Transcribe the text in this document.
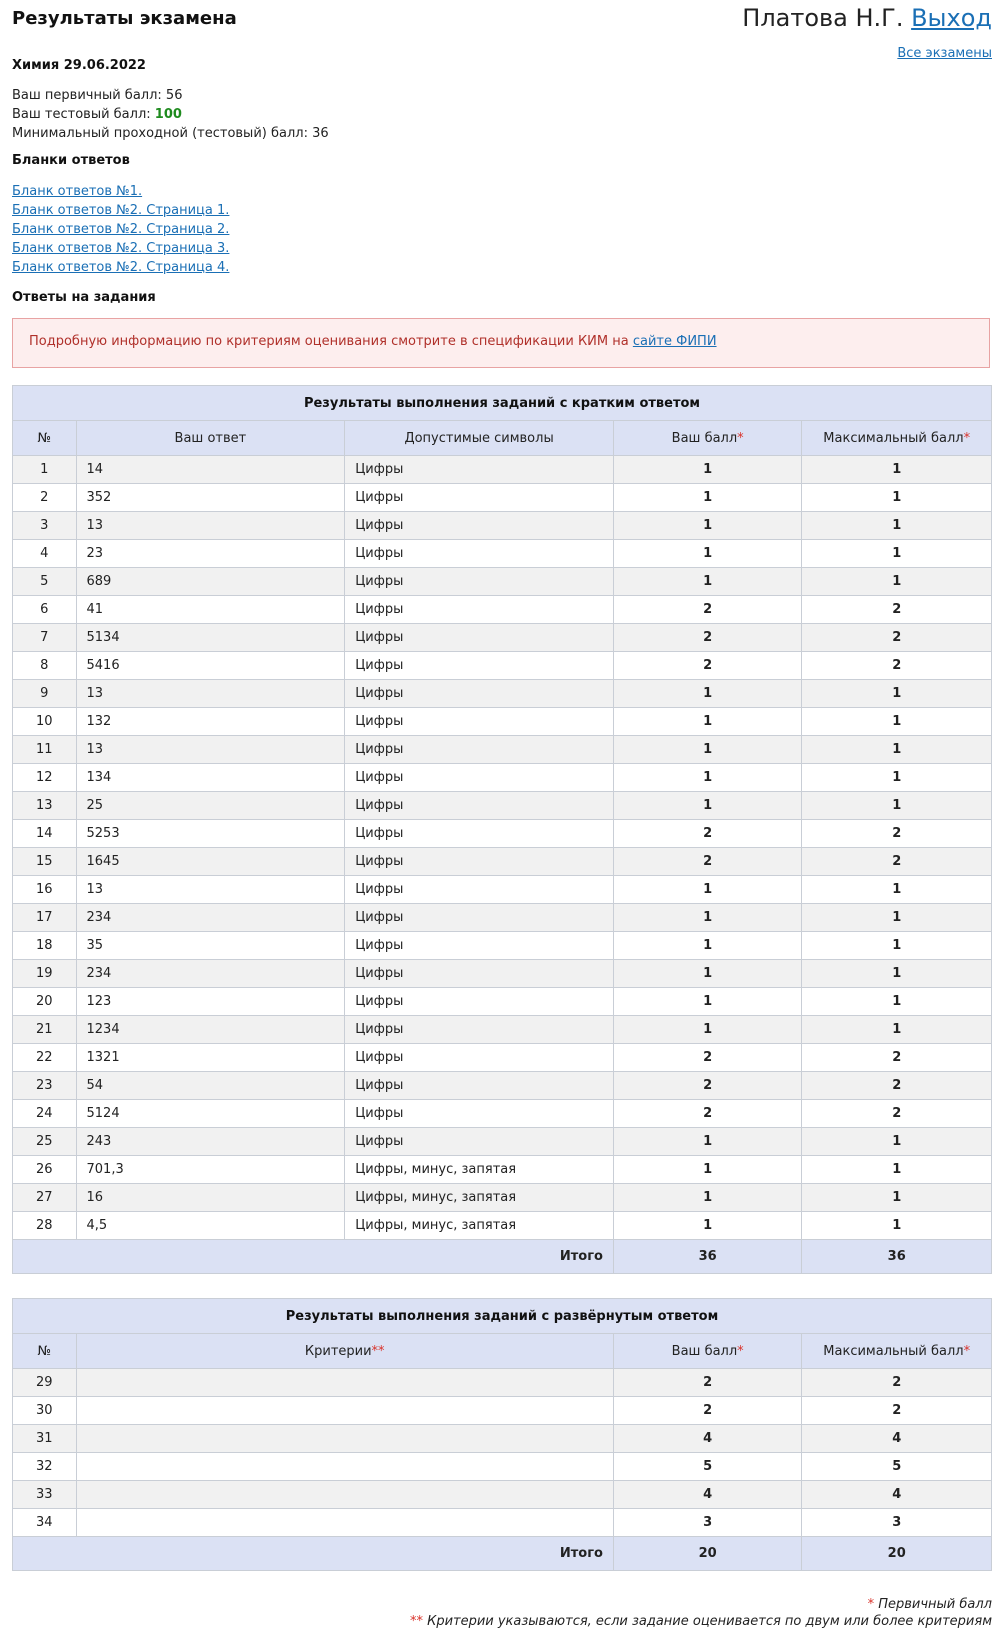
Результаты экзамена	Платова Н.Г. Выход
Все экзамены
Химия 29.06.2022
Ваш первичный балл: 56
Ваш тестовый балл: 100
Минимальный проходной (тестовый) балл: 36
Бланки ответов
Бланк ответов №1.
Бланк ответов №2. Страница 1.
Бланк ответов №2. Страница 2.
Бланк ответов №2. Страница 3.
Бланк ответов №2. Страница 4.
Ответы на задания
Подробную информацию по критериям оценивания смотрите в спецификации КИМ на сайте ФИПИ
Результаты выполнения заданий с кратким ответом				
№	Ваш ответ	Допустимые символы	Ваш балл*	Максимальный балл*
1	14	Цифры	1	1
2	352	Цифры	1	1
3	13	Цифры	1	1
4	23	Цифры	1	1
5	689	Цифры	1	1
6	41	Цифры	2	2
7	5134	Цифры	2	2
8	5416	Цифры	2	2
9	13	Цифры	1	1
10	132	Цифры	1	1
11	13	Цифры	1	1
12	134	Цифры	1	1
13	25	Цифры	1	1
14	5253	Цифры	2	2
15	1645	Цифры	2	2
16	13	Цифры	1	1
17	234	Цифры	1	1
18	35	Цифры	1	1
19	234	Цифры	1	1
20	123	Цифры	1	1
21	1234	Цифры	1	1
22	1321	Цифры	2	2
23	54	Цифры	2	2
24	5124	Цифры	2	2
25	243	Цифры	1	1
26	701,3	Цифры, минус, запятая	1	1
27	16	Цифры, минус, запятая	1	1
28	4,5	Цифры, минус, запятая	1	1
Итого			36	36
Результаты выполнения заданий с развёрнутым ответом			
№	Критерии**	Ваш балл*	Максимальный балл*
29		2	2
30		2	2
31		4	4
32		5	5
33		4	4
34		3	3
Итого		20	20
* Первичный балл
** Критерии указываются, если задание оценивается по двум или более критериям
